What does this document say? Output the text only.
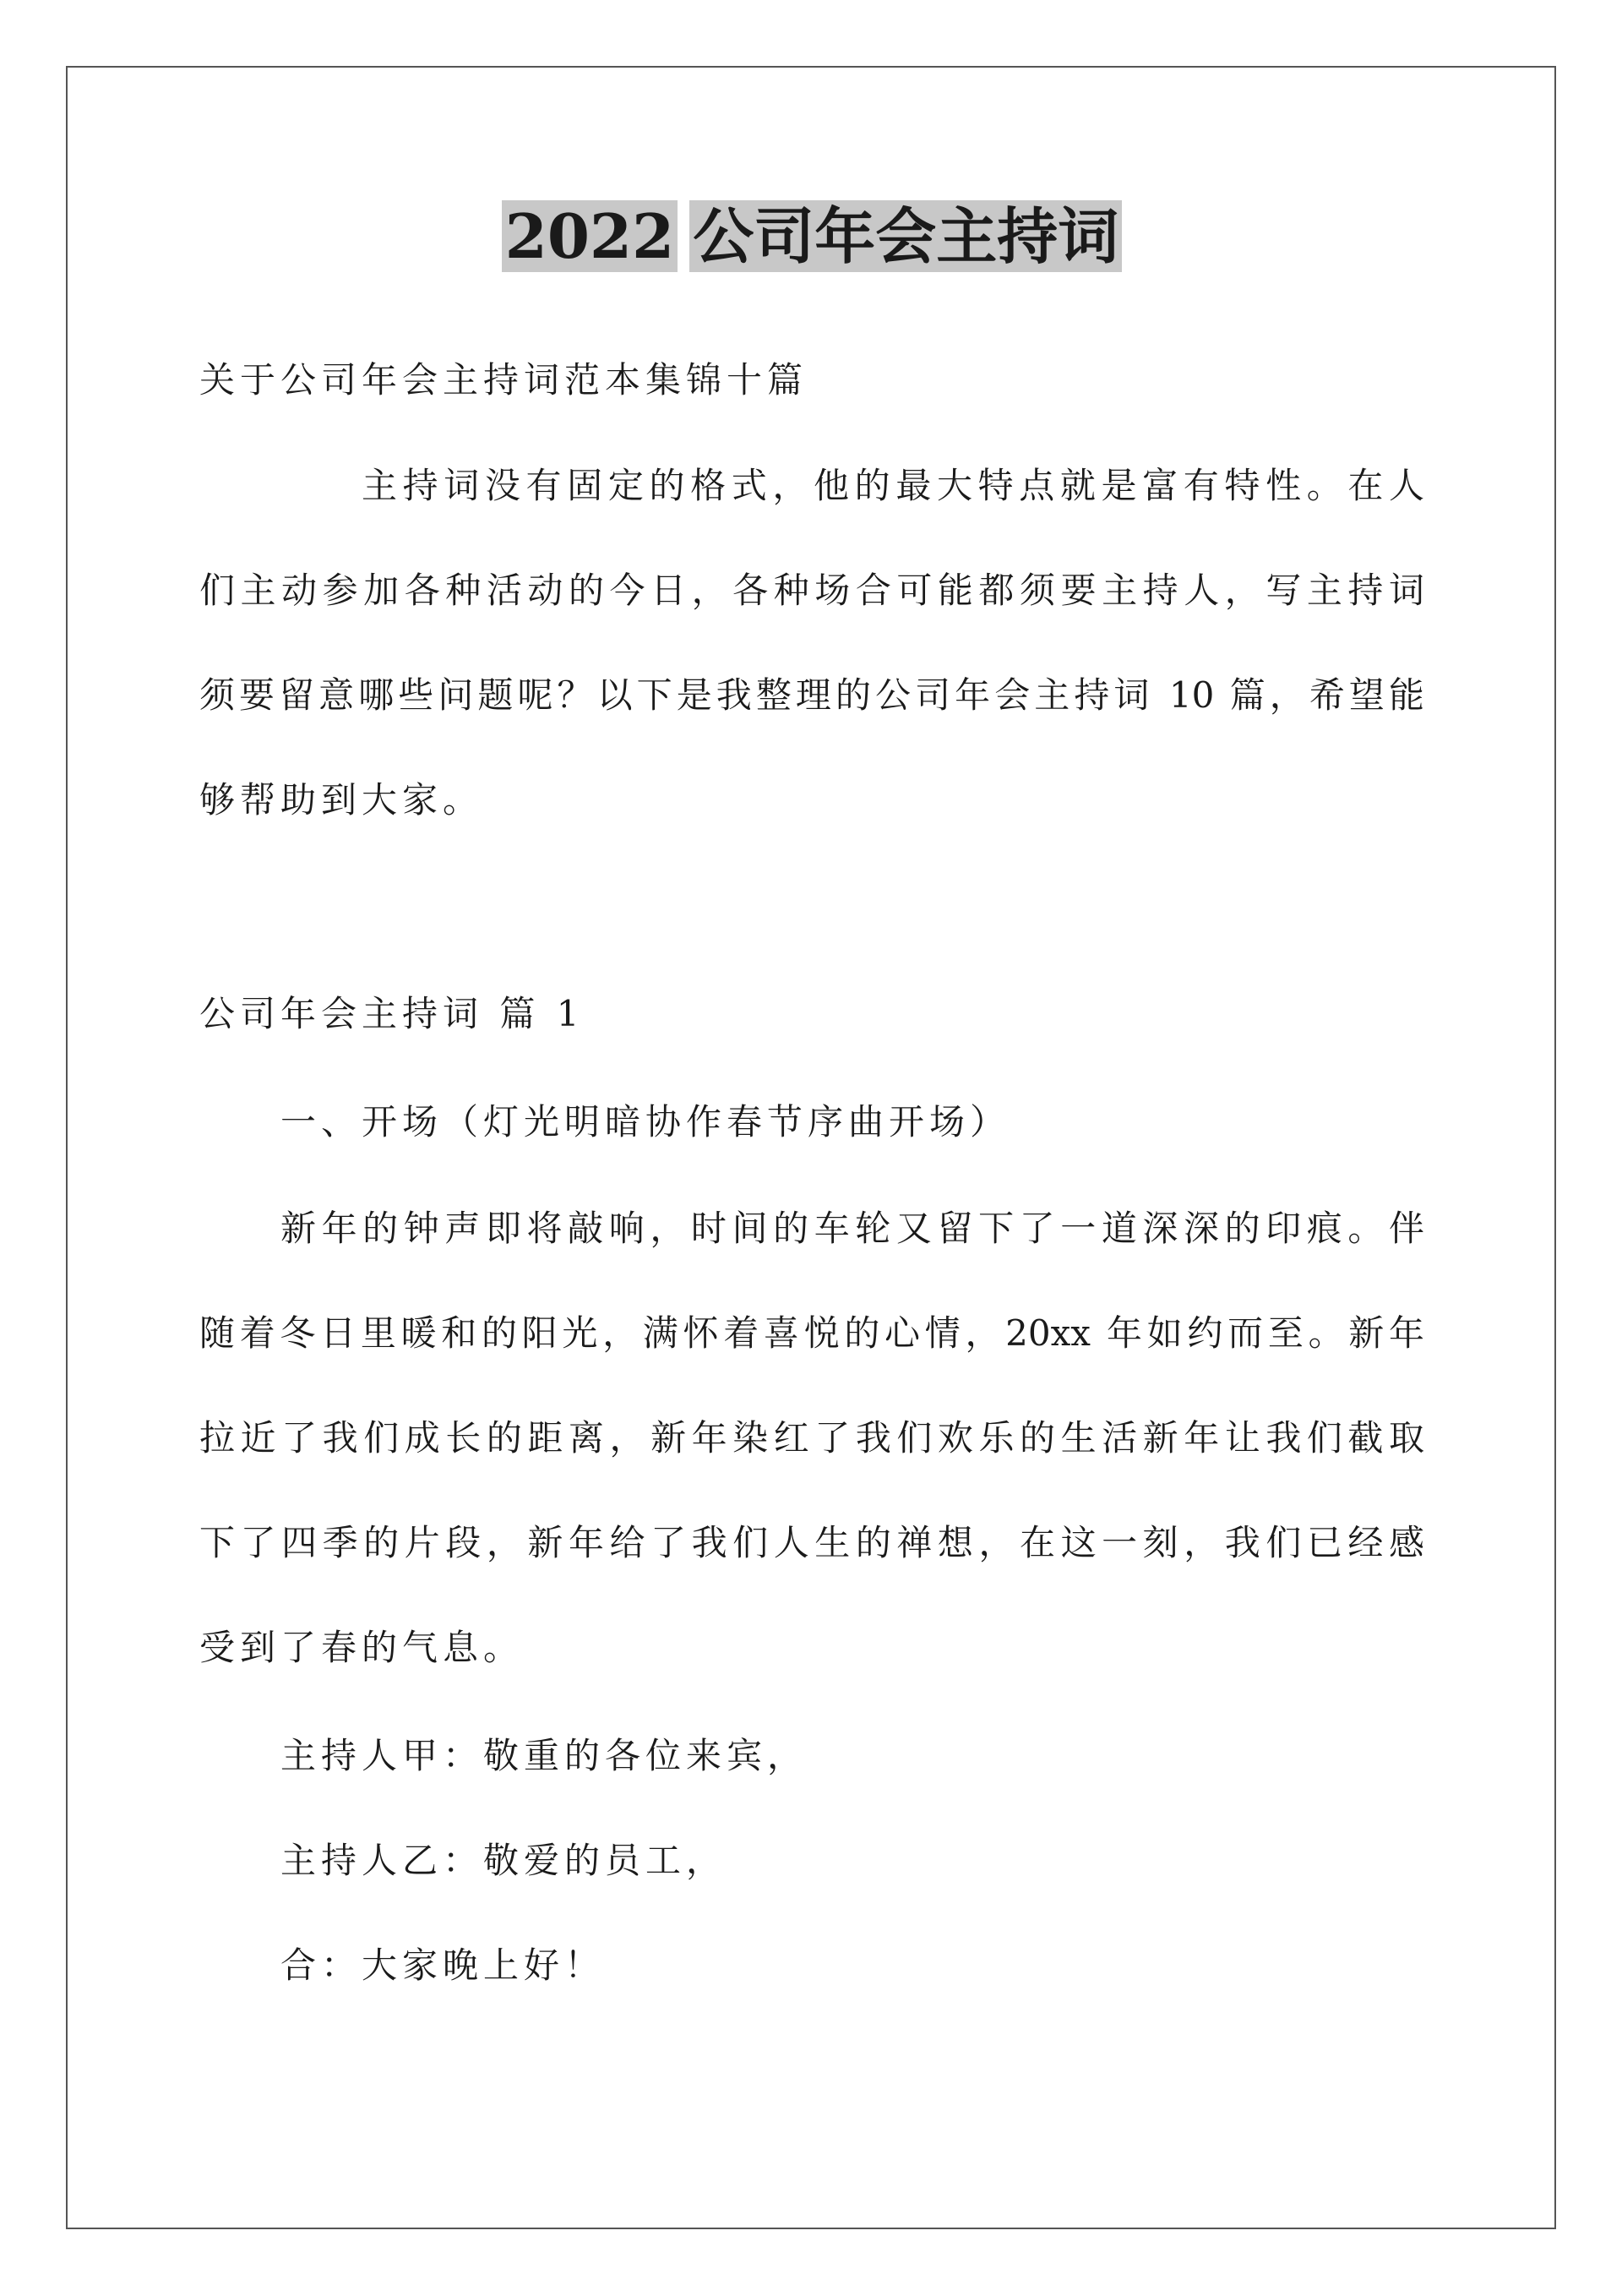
2022 公司年会主持词
关于公司年会主持词范本集锦十篇
主持词没有固定的格式，他的最大特点就是富有特性。在人
们主动参加各种活动的今日，各种场合可能都须要主持人，写主持词
须要留意哪些问题呢？以下是我整理的公司年会主持词 10 篇，希望能
够帮助到大家。
公司年会主持词 篇 1
一、开场（灯光明暗协作春节序曲开场）
新年的钟声即将敲响，时间的车轮又留下了一道深深的印痕。伴
随着冬日里暖和的阳光，满怀着喜悦的心情，20xx 年如约而至。新年
拉近了我们成长的距离，新年染红了我们欢乐的生活新年让我们截取
下了四季的片段，新年给了我们人生的禅想，在这一刻，我们已经感
受到了春的气息。
主持人甲：敬重的各位来宾，
主持人乙：敬爱的员工，
合：大家晚上好！
